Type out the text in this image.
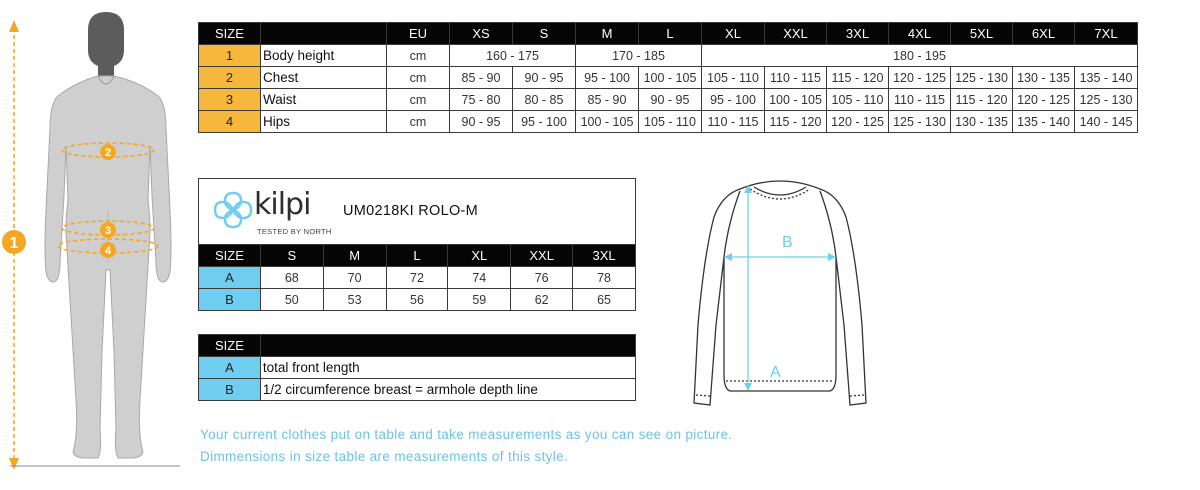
1
2
3
4
SIZE		EU	XS	S	M	L	XL	XXL	3XL	4XL	5XL	6XL	7XL
1	Body height	cm	160 - 175		170 - 185		180 - 195						
2	Chest	cm	85 - 90	90 - 95	95 - 100	100 - 105	105 - 110	110 - 115	115 - 120	120 - 125	125 - 130	130 - 135	135 - 140
3	Waist	cm	75 - 80	80 - 85	85 - 90	90 - 95	95 - 100	100 - 105	105 - 110	110 - 115	115 - 120	120 - 125	125 - 130
4	Hips	cm	90 - 95	95 - 100	100 - 105	105 - 110	110 - 115	115 - 120	120 - 125	125 - 130	130 - 135	135 - 140	140 - 145
kilpi
TESTED BY NORTH
UM0218KI ROLO-M
SIZE	S	M	L	XL	XXL	3XL
A	68	70	72	74	76	78
B	50	53	56	59	62	65
SIZE	
A	total front length
B	1/2 circumference breast = armhole depth line
A
B
Your current clothes put on table and take measurements as you can see on picture.
Dimmensions in size table are measurements of this style.
